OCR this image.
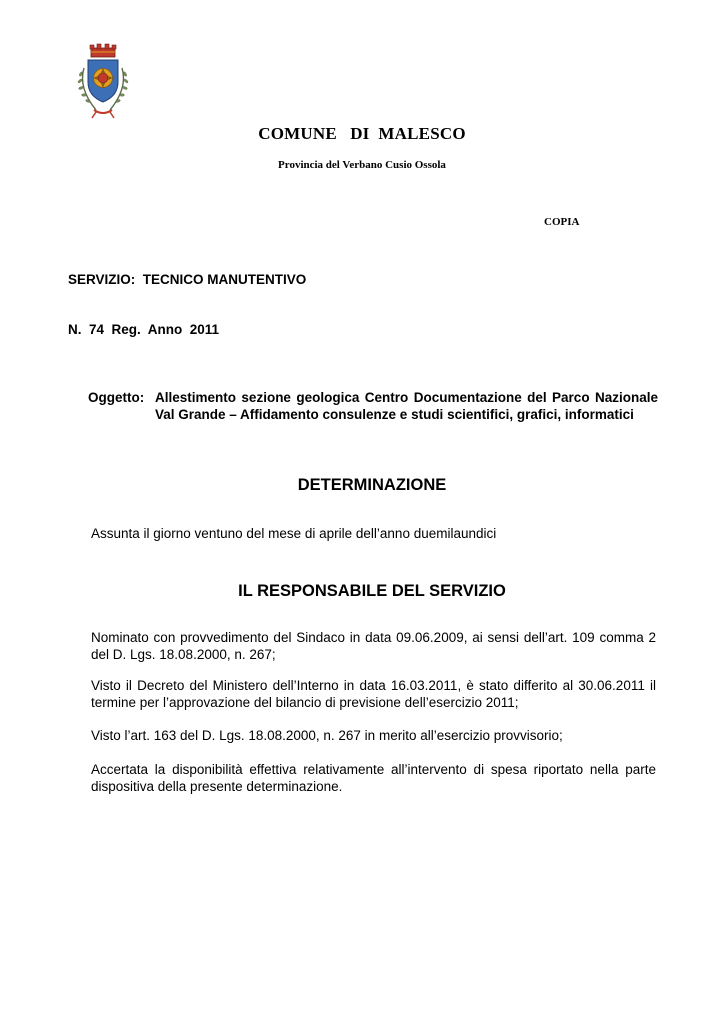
COMUNE   DI  MALESCO
Provincia del Verbano Cusio Ossola
COPIA
SERVIZIO:  TECNICO MANUTENTIVO
N.  74  Reg.  Anno  2011
Oggetto: Allestimento sezione geologica Centro Documentazione del Parco Nazionale Val Grande – Affidamento consulenze e studi scientifici, grafici, informatici
DETERMINAZIONE
Assunta il giorno ventuno del mese di aprile dell’anno duemilaundici
IL RESPONSABILE DEL SERVIZIO
Nominato con provvedimento del Sindaco in data 09.06.2009, ai sensi dell’art. 109 comma 2 del D. Lgs. 18.08.2000, n. 267;
Visto il Decreto del Ministero dell’Interno in data 16.03.2011, è stato differito al 30.06.2011 il termine per l’approvazione del bilancio di previsione dell’esercizio 2011;
Visto l’art. 163 del D. Lgs. 18.08.2000, n. 267 in merito all’esercizio provvisorio;
Accertata la disponibilità effettiva relativamente all’intervento di spesa riportato nella parte dispositiva della presente determinazione.
